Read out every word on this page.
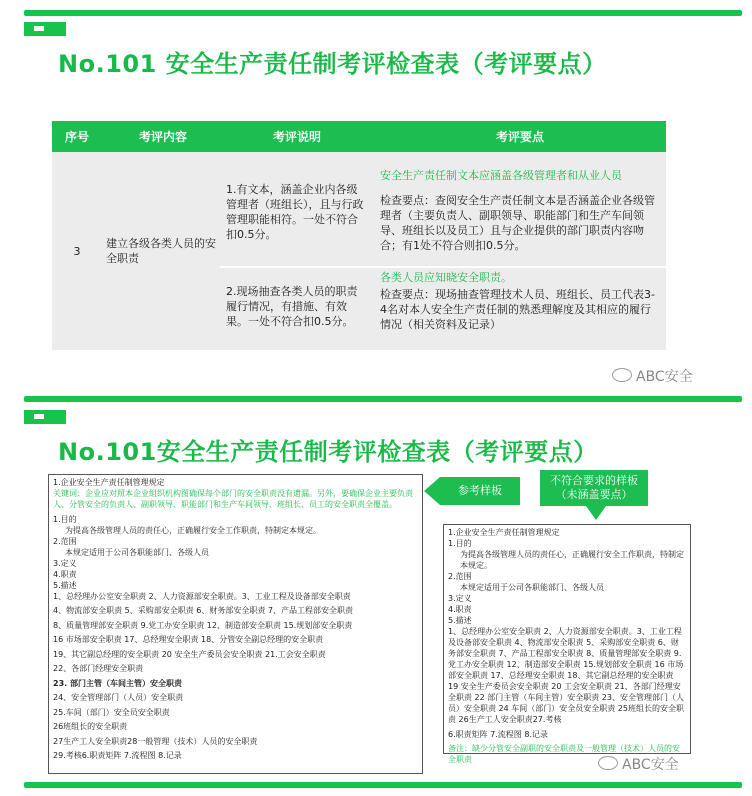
No.101 安全生产责任制考评检查表（考评要点）
序号	考评内容	考评说明	考评要点
3	建立各级各类人员的安全职责	1.有文本，涵盖企业内各级管理者（班组长），且与行政管理职能相符。一处不符合扣0.5分。	安全生产责任制文本应涵盖各级管理者和从业人员
检查要点：查阅安全生产责任制文本是否涵盖企业各级管理者（主要负责人、副职领导、职能部门和生产车间领导、班组长以及员工）且与企业提供的部门职责内容吻合；有1处不符合则扣0.5分。

		2.现场抽查各类人员的职责履行情况，有措施、有效果。一处不符合扣0.5分。	各类人员应知晓安全职责。
检查要点：现场抽查管理技术人员、班组长、员工代表3-4名对本人安全生产责任制的熟悉理解度及其相应的履行情况（相关资料及记录）
ABC安全
No.101安全生产责任制考评检查表（考评要点）
1.企业安全生产责任制管理规定
关键词：企业应对照本企业组织机构图确保每个部门的安全职责没有遗漏。另外，要确保企业主要负责人、分管安全的负责人、副职领导、职能部门和生产车间领导、班组长、员工的安全职责全覆盖。
1.目的
为提高各级管理人员的责任心，正确履行安全工作职责，特制定本规定。
2.范围
本规定适用于公司各职能部门、各级人员
3.定义
4.职责
5.描述
1、总经理办公室安全职责 2、人力资源部安全职责。3、工业工程及设备部安全职责
4、物流部安全职责 5、采购部安全职责 6、财务部安全职责 7、产品工程部安全职责
8、质量管理部安全职责 9.党工办安全职责 12、制造部安全职责 15.规划部安全职责
16 市场部安全职责 17、总经理安全职责 18、分管安全副总经理的安全职责
19、其它副总经理的安全职责 20 安全生产委员会安全职责 21.工会安全职责
22、各部门经理安全职责
23. 部门主管（车间主管）安全职责
24、安全管理部门（人员）安全职责
25.车间（部门）安全员安全职责
26班组长的安全职责
27生产工人安全职责28一般管理（技术）人员的安全职责
29.考核6.职责矩阵 7.流程图 8.记录
参考样板
不符合要求的样板
（未涵盖要点）
1.企业安全生产责任制管理规定
1.目的
为提高各级管理人员的责任心，正确履行安全工作职责，特制定本规定。
2.范围
本规定适用于公司各职能部门、各级人员
3.定义
4.职责
5.描述
1、总经理办公室安全职责 2、人力资源部安全职责。3、工业工程及设备部安全职责 4、物流部安全职责 5、采购部安全职责 6、财务部安全职责 7、产品工程部安全职责 8、质量管理部安全职责 9.党工办安全职责 12、制造部安全职责 15.规划部安全职责 16 市场部安全职责 17、总经理安全职责 18、其它副总经理的安全职责 19 安全生产委员会安全职责 20 工会安全职责 21、各部门经理安全职责 22 部门主管（车间主管）安全职责 23、安全管理部门（人员）安全职责 24 车间（部门）安全员安全职责 25班组长的安全职责 26生产工人安全职责27.考核
6.职责矩阵 7.流程图 8.记录
备注：缺少分管安全副职的安全职责及一般管理（技术）人员的安全职责	ABC安全
